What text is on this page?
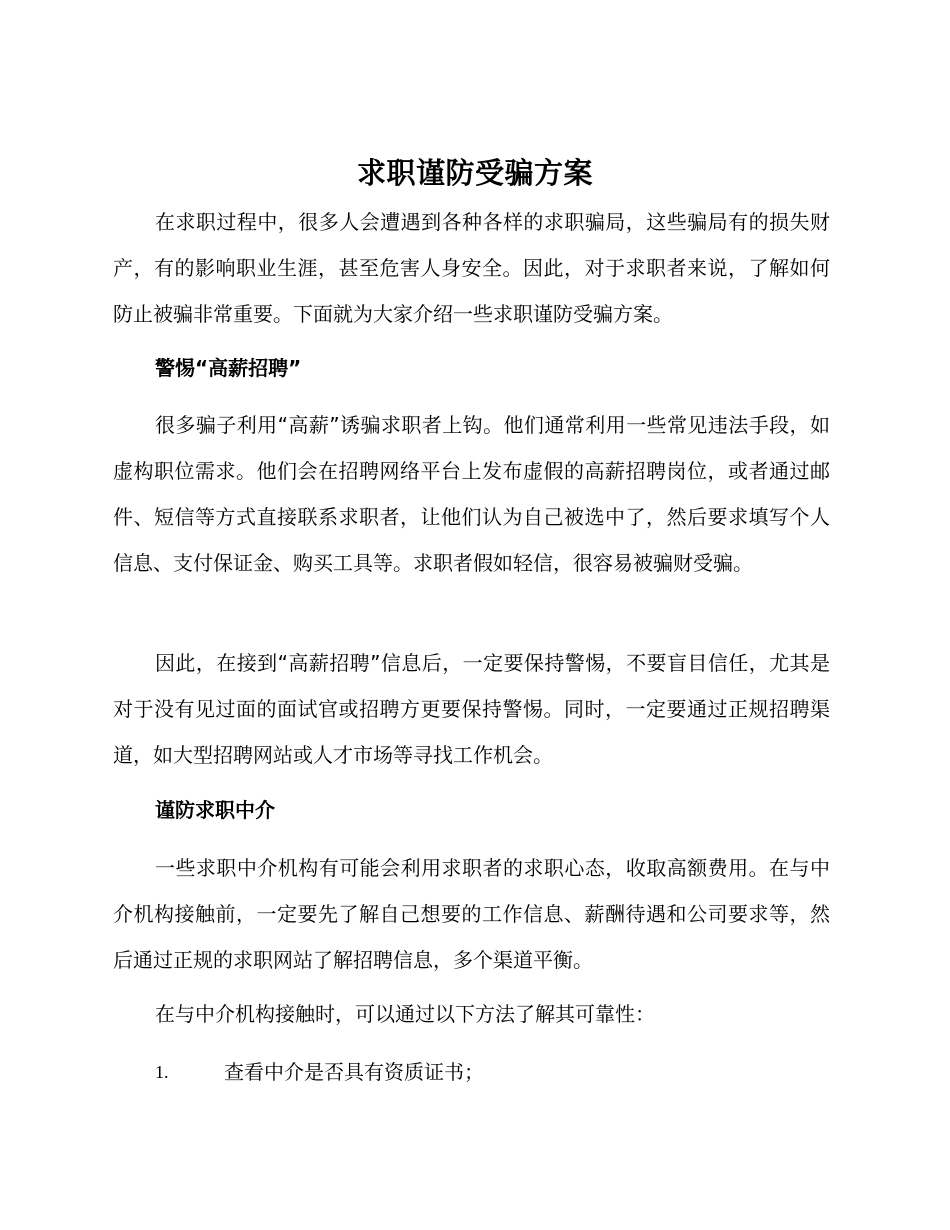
求职谨防受骗方案

在求职过程中，很多人会遭遇到各种各样的求职骗局，这些骗局有的损失财产，有的影响职业生涯，甚至危害人身安全。因此，对于求职者来说，了解如何防止被骗非常重要。下面就为大家介绍一些求职谨防受骗方案。

警惕“高薪招聘”

很多骗子利用“高薪”诱骗求职者上钩。他们通常利用一些常见违法手段，如虚构职位需求。他们会在招聘网络平台上发布虚假的高薪招聘岗位，或者通过邮件、短信等方式直接联系求职者，让他们认为自己被选中了，然后要求填写个人信息、支付保证金、购买工具等。求职者假如轻信，很容易被骗财受骗。

因此，在接到“高薪招聘”信息后，一定要保持警惕，不要盲目信任，尤其是对于没有见过面的面试官或招聘方更要保持警惕。同时，一定要通过正规招聘渠道，如大型招聘网站或人才市场等寻找工作机会。

谨防求职中介

一些求职中介机构有可能会利用求职者的求职心态，收取高额费用。在与中介机构接触前，一定要先了解自己想要的工作信息、薪酬待遇和公司要求等，然后通过正规的求职网站了解招聘信息，多个渠道平衡。

在与中介机构接触时，可以通过以下方法了解其可靠性：

1.	查看中介是否具有资质证书；
